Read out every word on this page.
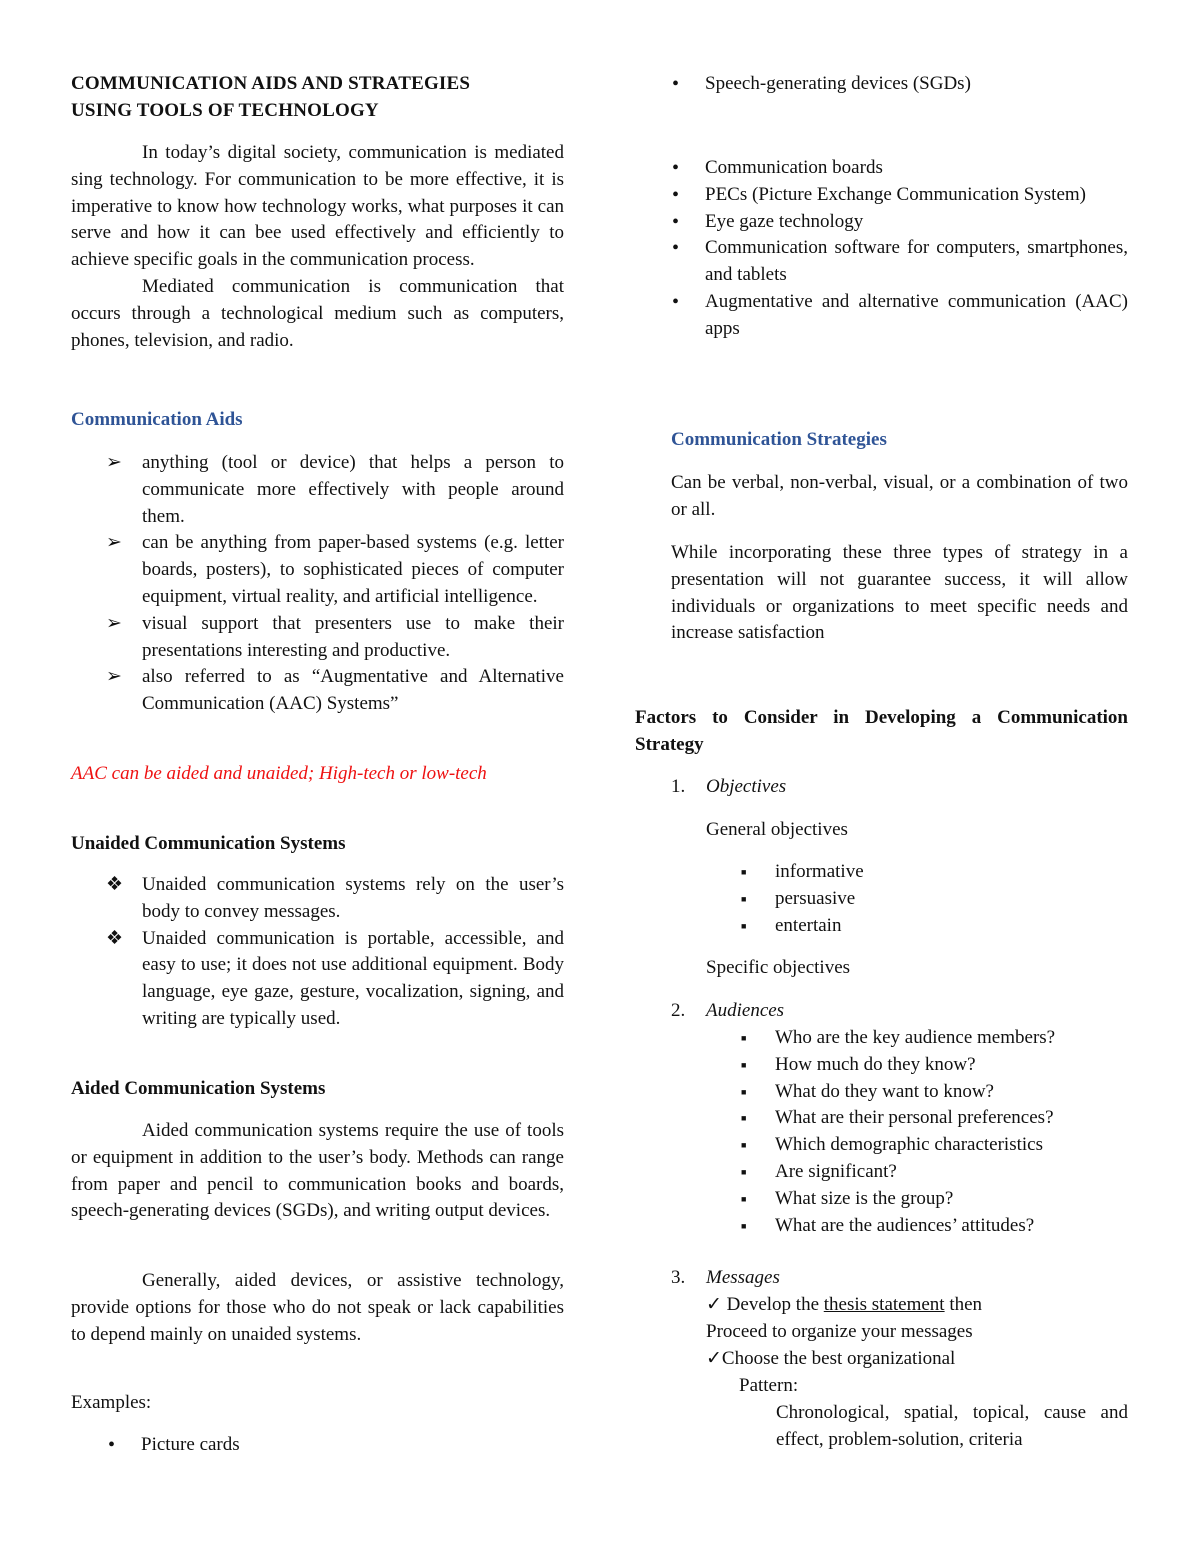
COMMUNICATION AIDS AND STRATEGIES
USING TOOLS OF TECHNOLOGY

In today’s digital society, communication is mediated sing technology. For communication to be more effective, it is imperative to know how technology works, what purposes it can serve and how it can bee used effectively and efficiently to achieve specific goals in the communication process.

Mediated communication is communication that occurs through a technological medium such as computers, phones, television, and radio.

Communication Aids
➢ anything (tool or device) that helps a person to communicate more effectively with people around them.
➢ can be anything from paper-based systems (e.g. letter boards, posters), to sophisticated pieces of computer equipment, virtual reality, and artificial intelligence.
➢ visual support that presenters use to make their presentations interesting and productive.
➢ also referred to as “Augmentative and Alternative Communication (AAC) Systems”

AAC can be aided and unaided; High-tech or low-tech

Unaided Communication Systems
❖ Unaided communication systems rely on the user’s body to convey messages.
❖ Unaided communication is portable, accessible, and easy to use; it does not use additional equipment. Body language, eye gaze, gesture, vocalization, signing, and writing are typically used.
Aided Communication Systems

Aided communication systems require the use of tools or equipment in addition to the user’s body. Methods can range from paper and pencil to communication books and boards, speech-generating devices (SGDs), and writing output devices.

Generally, aided devices, or assistive technology, provide options for those who do not speak or lack capabilities to depend mainly on unaided systems.

Examples:

• Picture cards
• Speech-generating devices (SGDs)
• Communication boards
• PECs (Picture Exchange Communication System)
• Eye gaze technology
• Communication software for computers, smartphones, and tablets
• Augmentative and alternative communication (AAC) apps
Communication Strategies

Can be verbal, non-verbal, visual, or a combination of two or all.

While incorporating these three types of strategy in a presentation will not guarantee success, it will allow individuals or organizations to meet specific needs and increase satisfaction

Factors to Consider in Developing a Communication Strategy
1. Objectives

General objectives

■ informative
■ persuasive
■ entertain

Specific objectives

2. Audiences
■ Who are the key audience members?
■ How much do they know?
■ What do they want to know?
■ What are their personal preferences?
■ Which demographic characteristics
■ Are significant?
■ What size is the group?
■ What are the audiences’ attitudes?
3. Messages

✓ Develop the thesis statement then

Proceed to organize your messages

✓Choose the best organizational

Pattern:

Chronological, spatial, topical, cause and effect, problem-solution, criteria
